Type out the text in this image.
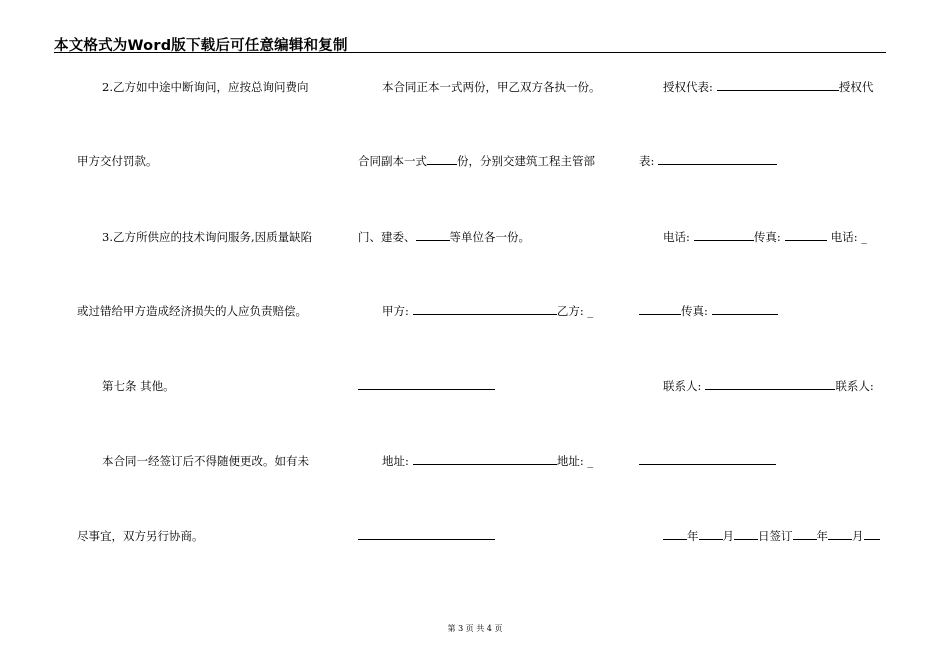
本文格式为Word版下载后可任意编辑和复制
2.乙方如中途中断询问，应按总询问费向
甲方交付罚款。
3.乙方所供应的技术询问服务,因质量缺陷
或过错给甲方造成经济损失的人应负责赔偿。
第七条 其他。
本合同一经签订后不得随便更改。如有未
尽事宜，双方另行协商。
本合同正本一式两份，甲乙双方各执一份。
合同副本一式	份，分别交建筑工程主管部
门、建委、	等单位各一份。
甲方:	乙方: _
地址:	地址: _
授权代表:	授权代
表:
电话:	传真:	电话: _
传真:
联系人:	联系人:
年 月 日签订 年 月
第 3 页 共 4 页
